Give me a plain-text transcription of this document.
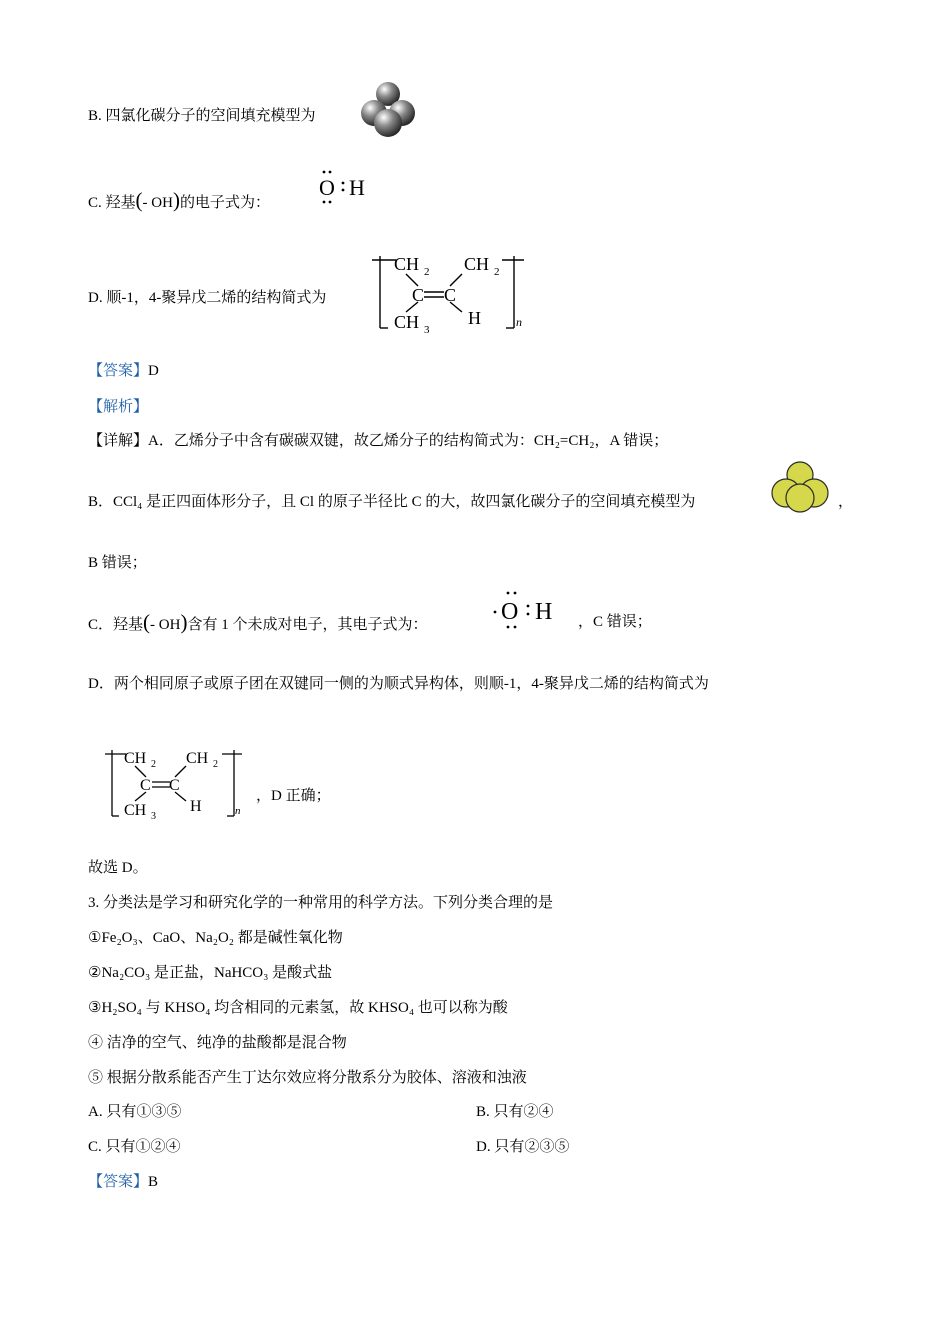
B. 四氯化碳分子的空间填充模型为
C. 羟基(- OH)的电子式为：
O H
D. 顺-1，4-聚异戊二烯的结构简式为
CH 2 CH 2
C C
CH 3
H	n
【答案】D
【解析】
【详解】A．乙烯分子中含有碳碳双键，故乙烯分子的结构简式为：CH₂=CH₂，A 错误；
B．CCl₄ 是正四面体形分子，且 Cl 的原子半径比 C 的大，故四氯化碳分子的空间填充模型为	，
B 错误；
C．羟基(- OH)含有 1 个未成对电子，其电子式为：	O H ，C 错误；
D．两个相同原子或原子团在双键同一侧的为顺式异构体，则顺-1，4-聚异戊二烯的结构简式为
CH 2 CH 2
C C
CH 3
H	n
，D 正确；
故选 D。
3. 分类法是学习和研究化学的一种常用的科学方法。下列分类合理的是
①Fe₂O₃、CaO、Na₂O₂ 都是碱性氧化物
②Na₂CO₃ 是正盐，NaHCO₃ 是酸式盐
③H₂SO₄ 与 KHSO₄ 均含相同的元素氢，故 KHSO₄ 也可以称为酸
④ 洁净的空气、纯净的盐酸都是混合物
⑤ 根据分散系能否产生丁达尔效应将分散系分为胶体、溶液和浊液
A. 只有①③⑤	B. 只有②④
C. 只有①②④	D. 只有②③⑤
【答案】B
